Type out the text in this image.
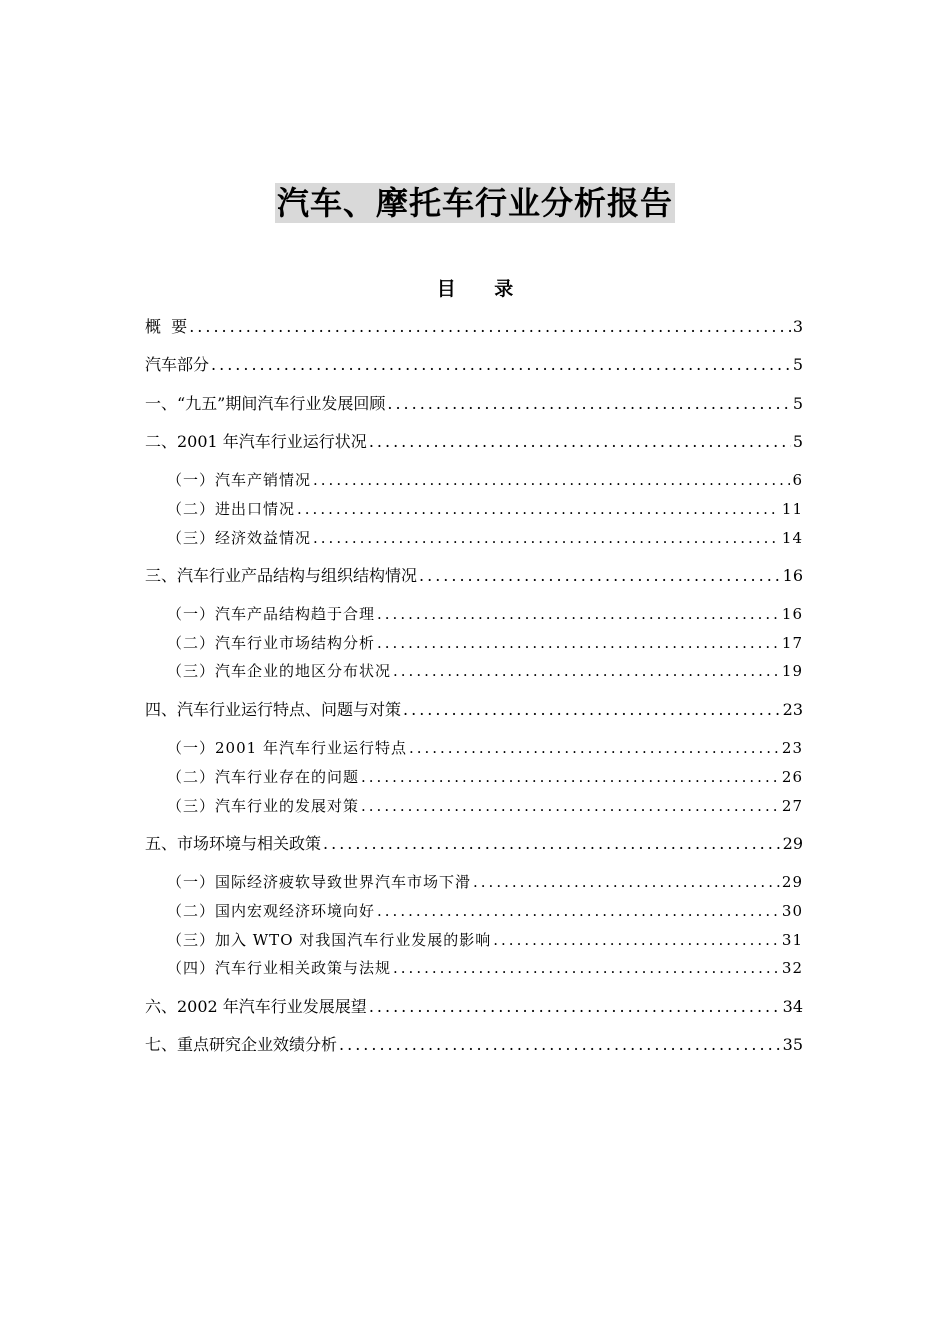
汽车、摩托车行业分析报告
目 录
概  要 .....	3
汽车部分 .....	5
一、“九五”期间汽车行业发展回顾 .....	5
二、2001 年汽车行业运行状况 .....	5
（一）汽车产销情况 .....	6
（二）进出口情况 .....	11
（三）经济效益情况 .....	14
三、汽车行业产品结构与组织结构情况 .....	16
（一）汽车产品结构趋于合理 .....	16
（二）汽车行业市场结构分析 .....	17
（三）汽车企业的地区分布状况 .....	19
四、汽车行业运行特点、问题与对策 .....	23
（一）2001 年汽车行业运行特点 .....	23
（二）汽车行业存在的问题 .....	26
（三）汽车行业的发展对策 .....	27
五、市场环境与相关政策 .....	29
（一）国际经济疲软导致世界汽车市场下滑 .....	29
（二）国内宏观经济环境向好 .....	30
（三）加入 WTO 对我国汽车行业发展的影响 .....	31
（四）汽车行业相关政策与法规 .....	32
六、2002 年汽车行业发展展望 .....	34
七、重点研究企业效绩分析 .....	35
